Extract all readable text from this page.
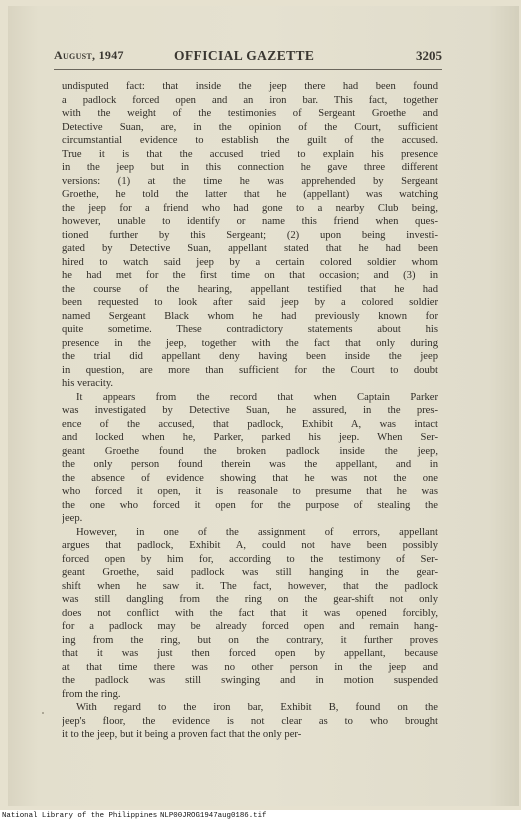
August, 1947	OFFICIAL GAZETTE	3205
undisputed fact: that inside the jeep there had been found
a padlock forced open and an iron bar. This fact, together
with the weight of the testimonies of Sergeant Groethe and
Detective Suan, are, in the opinion of the Court, sufficient
circumstantial evidence to establish the guilt of the accused.
True it is that the accused tried to explain his presence
in the jeep but in this connection he gave three different
versions: (1) at the time he was apprehended by Sergeant
Groethe, he told the latter that he (appellant) was watching
the jeep for a friend who had gone to a nearby Club being,
however, unable to identify or name this friend when ques-
tioned further by this Sergeant; (2) upon being investi-
gated by Detective Suan, appellant stated that he had been
hired to watch said jeep by a certain colored soldier whom
he had met for the first time on that occasion; and (3) in
the course of the hearing, appellant testified that he had
been requested to look after said jeep by a colored soldier
named Sergeant Black whom he had previously known for
quite sometime. These contradictory statements about his
presence in the jeep, together with the fact that only during
the trial did appellant deny having been inside the jeep
in question, are more than sufficient for the Court to doubt
his veracity.
It appears from the record that when Captain Parker
was investigated by Detective Suan, he assured, in the pres-
ence of the accused, that padlock, Exhibit A, was intact
and locked when he, Parker, parked his jeep. When Ser-
geant Groethe found the broken padlock inside the jeep,
the only person found therein was the appellant, and in
the absence of evidence showing that he was not the one
who forced it open, it is reasonale to presume that he was
the one who forced it open for the purpose of stealing the
jeep.
However, in one of the assignment of errors, appellant
argues that padlock, Exhibit A, could not have been possibly
forced open by him for, according to the testimony of Ser-
geant Groethe, said padlock was still hanging in the gear-
shift when he saw it. The fact, however, that the padlock
was still dangling from the ring on the gear-shift not only
does not conflict with the fact that it was opened forcibly,
for a padlock may be already forced open and remain hang-
ing from the ring, but on the contrary, it further proves
that it was just then forced open by appellant, because
at that time there was no other person in the jeep and
the padlock was still swinging and in motion suspended
from the ring.
With regard to the iron bar, Exhibit B, found on the
jeep's floor, the evidence is not clear as to who brought
it to the jeep, but it being a proven fact that the only per-
National Library of the Philippines NLP00JROG1947aug0186.tif
